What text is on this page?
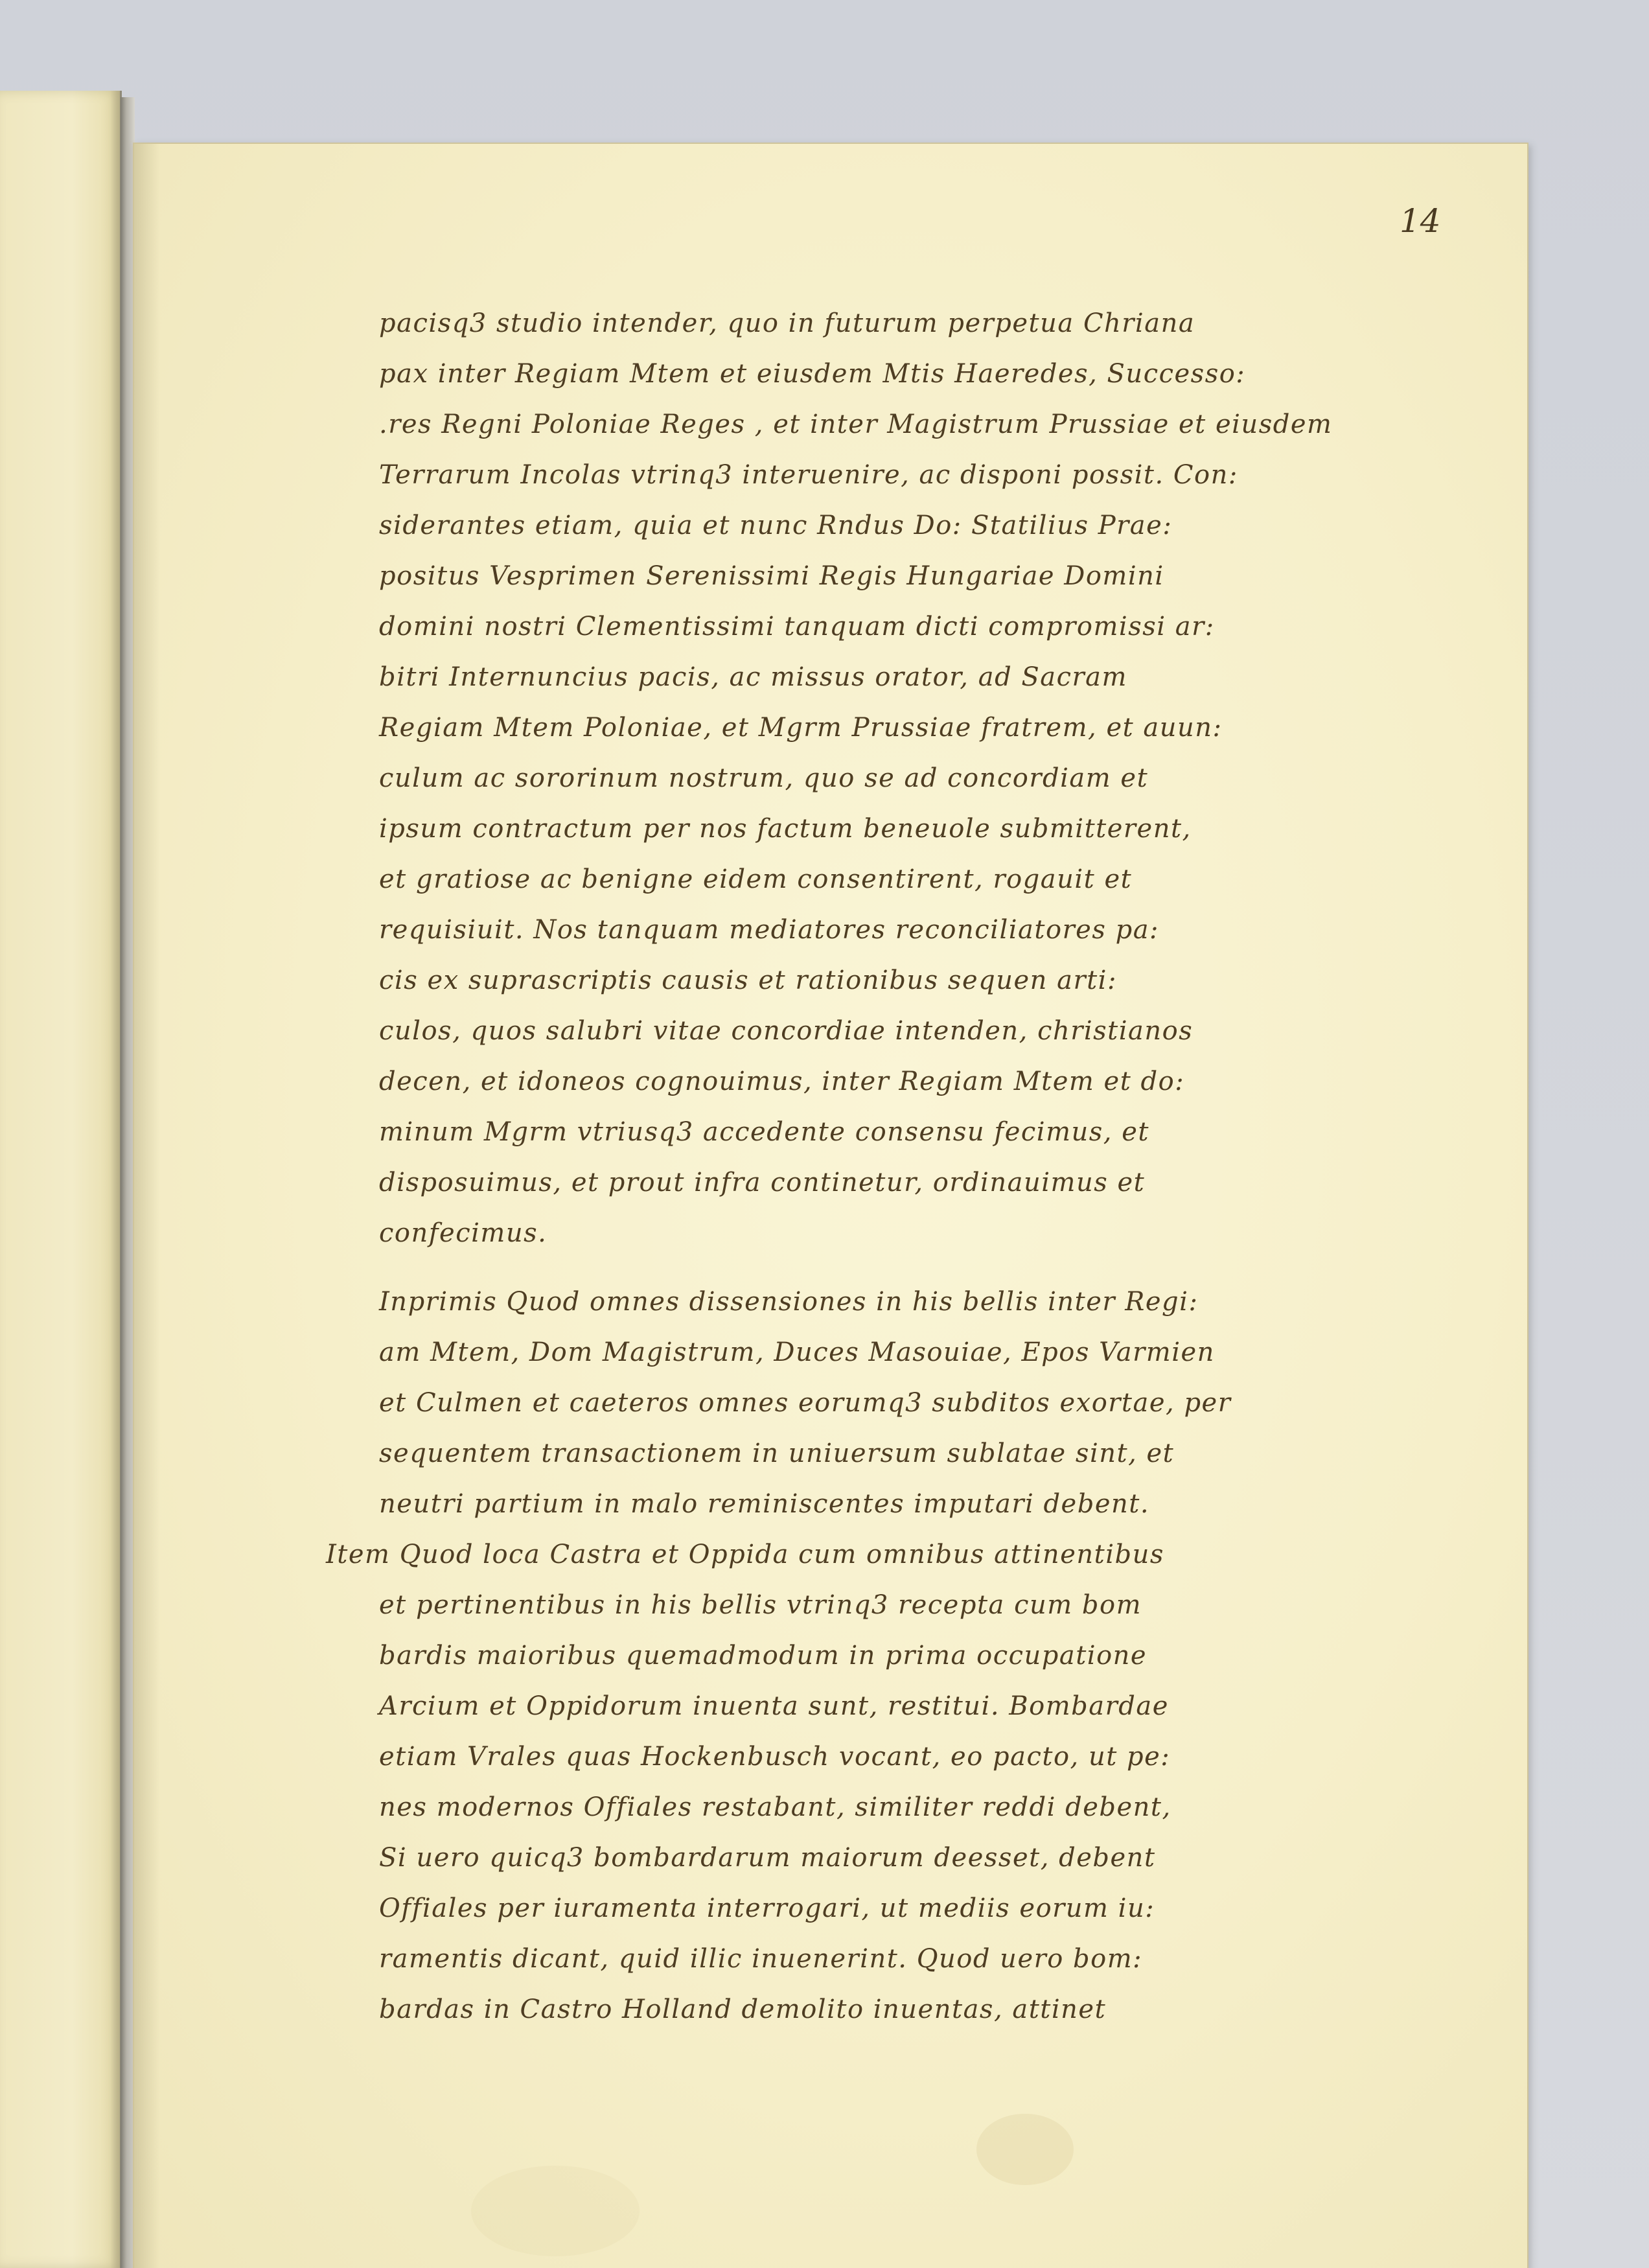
14

pacisq3 studio intender, quo in futurum perpetua Chriana
pax inter Regiam Mtem et eiusdem Mtis Haeredes, Successo:
.res Regni Poloniae Reges , et inter Magistrum Prussiae et eiusdem
Terrarum Incolas vtrinq3 interuenire, ac disponi possit. Con:
siderantes etiam, quia et nunc Rndus Do: Statilius Prae:
positus Vesprimen Serenissimi Regis Hungariae Domini
domini nostri Clementissimi tanquam dicti compromissi ar:
bitri Internuncius pacis, ac missus orator, ad Sacram
Regiam Mtem Poloniae, et Mgrm Prussiae fratrem, et auun:
culum ac sororinum nostrum, quo se ad concordiam et
ipsum contractum per nos factum beneuole submitterent,
et gratiose ac benigne eidem consentirent, rogauit et
requisiuit. Nos tanquam mediatores reconciliatores pa:
cis ex suprascriptis causis et rationibus sequen arti:
culos, quos salubri vitae concordiae intenden, christianos
decen, et idoneos cognouimus, inter Regiam Mtem et do:
minum Mgrm vtriusq3 accedente consensu fecimus, et
disposuimus, et prout infra continetur, ordinauimus et
confecimus.
Inprimis Quod omnes dissensiones in his bellis inter Regi:
am Mtem, Dom Magistrum, Duces Masouiae, Epos Varmien
et Culmen et caeteros omnes eorumq3 subditos exortae, per
sequentem transactionem in uniuersum sublatae sint, et
neutri partium in malo reminiscentes imputari debent.
Item Quod loca Castra et Oppida cum omnibus attinentibus
et pertinentibus in his bellis vtrinq3 recepta cum bom
bardis maioribus quemadmodum in prima occupatione
Arcium et Oppidorum inuenta sunt, restitui. Bombardae
etiam Vrales quas Hockenbusch vocant, eo pacto, ut pe:
nes modernos Offiales restabant, similiter reddi debent,
Si uero quicq3 bombardarum maiorum deesset, debent
Offiales per iuramenta interrogari, ut mediis eorum iu:
ramentis dicant, quid illic inuenerint. Quod uero bom:
bardas in Castro Holland demolito inuentas, attinet
